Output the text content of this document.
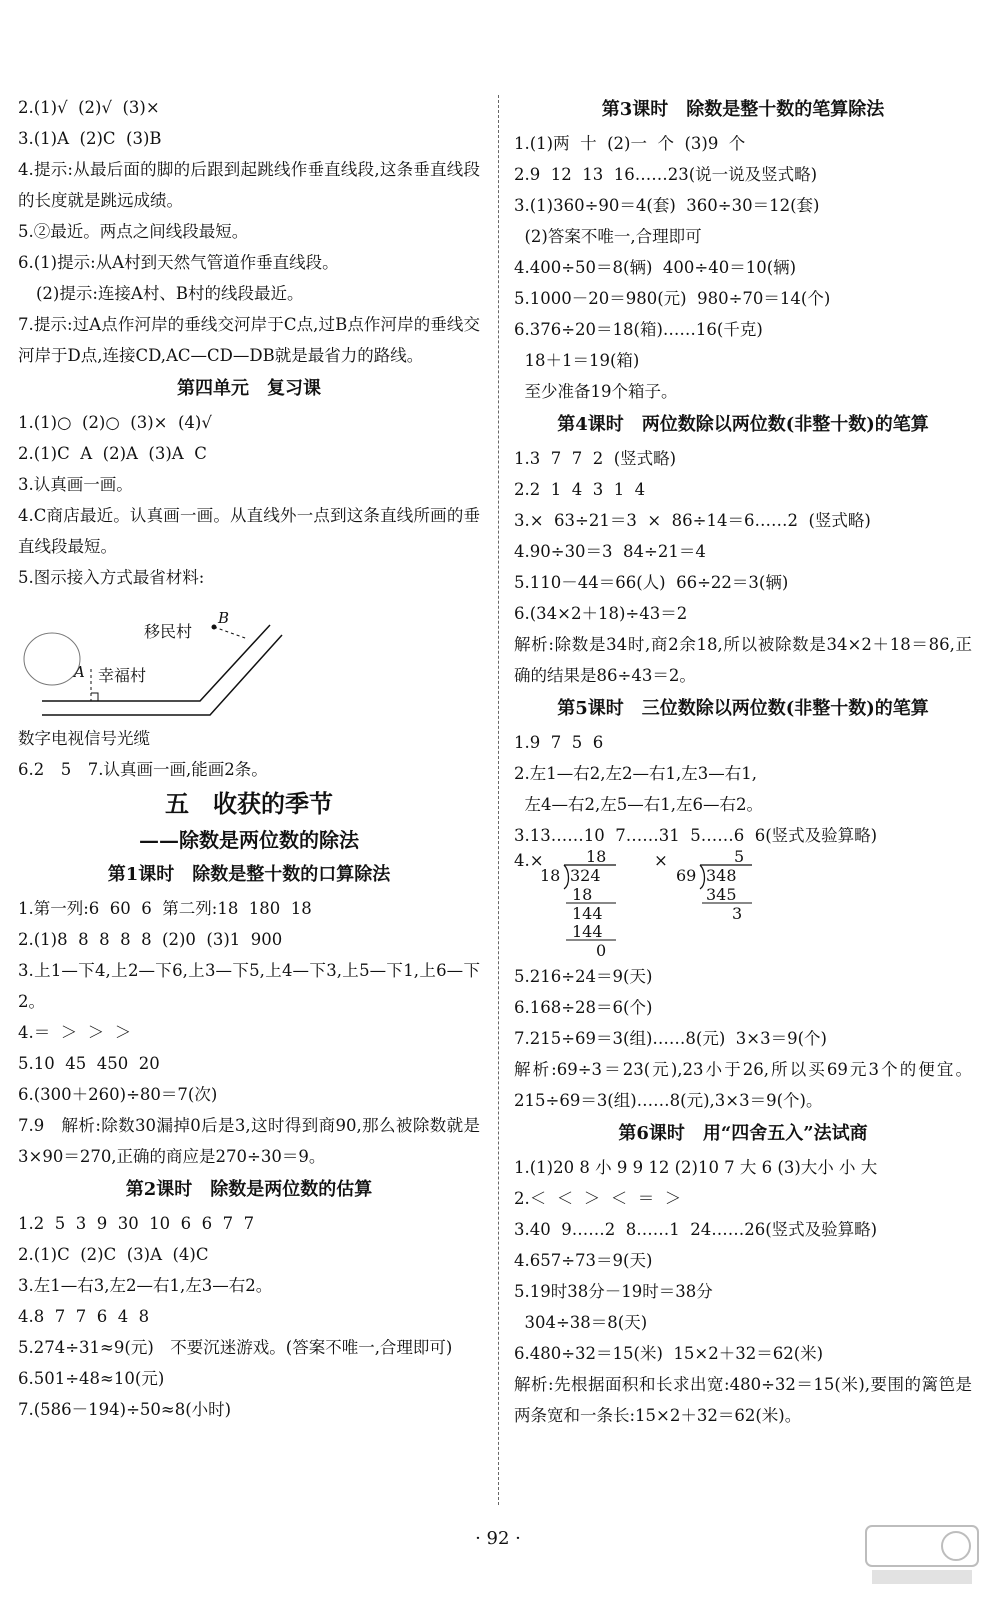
2.(1)√  (2)√  (3)×
3.(1)A  (2)C  (3)B
4.提示:从最后面的脚的后跟到起跳线作垂直线段,这条垂直线段的长度就是跳远成绩。
5.②最近。两点之间线段最短。
6.(1)提示:从A村到天然气管道作垂直线段。
(2)提示:连接A村、B村的线段最近。
7.提示:过A点作河岸的垂线交河岸于C点,过B点作河岸的垂线交河岸于D点,连接CD,AC—CD—DB就是最省力的路线。
第四单元　复习课
1.(1)○  (2)○  (3)×  (4)√
2.(1)C  A  (2)A  (3)A  C
3.认真画一画。
4.C商店最近。认真画一画。从直线外一点到这条直线所画的垂直线段最短。
5.图示接入方式最省材料:
移民村
B
A 幸福村
数字电视信号光缆
6.2　5　7.认真画一画,能画2条。
五　收获的季节
——除数是两位数的除法
第1课时　除数是整十数的口算除法
1.第一列:6  60  6  第二列:18  180  18
2.(1)8  8  8  8  8  (2)0  (3)1  900
3.上1—下4,上2—下6,上3—下5,上4—下3,上5—下1,上6—下2。
4.＝  ＞  ＞  ＞
5.10  45  450  20
6.(300＋260)÷80＝7(次)
7.9　解析:除数30漏掉0后是3,这时得到商90,那么被除数就是3×90＝270,正确的商应是270÷30＝9。
第2课时　除数是两位数的估算
1.2  5  3  9  30  10  6  6  7  7
2.(1)C  (2)C  (3)A  (4)C
3.左1—右3,左2—右1,左3—右2。
4.8  7  7  6  4  8
5.274÷31≈9(元)　不要沉迷游戏。(答案不唯一,合理即可)
6.501÷48≈10(元)
7.(586－194)÷50≈8(小时)
第3课时　除数是整十数的笔算除法
1.(1)两  十  (2)一  个  (3)9  个
2.9  12  13  16……23(说一说及竖式略)
3.(1)360÷90＝4(套)  360÷30＝12(套)
(2)答案不唯一,合理即可
4.400÷50＝8(辆)  400÷40＝10(辆)
5.1000－20＝980(元)  980÷70＝14(个)
6.376÷20＝18(箱)……16(千克)
18＋1＝19(箱)
至少准备19个箱子。
第4课时　两位数除以两位数(非整十数)的笔算
1.3  7  7  2  (竖式略)
2.2  1  4  3  1  4
3.×  63÷21＝3  ×  86÷14＝6……2  (竖式略)
4.90÷30＝3  84÷21＝4
5.110－44＝66(人)  66÷22＝3(辆)
6.(34×2＋18)÷43＝2
解析:除数是34时,商2余18,所以被除数是34×2＋18＝86,正确的结果是86÷43＝2。
第5课时　三位数除以两位数(非整十数)的笔算
1.9  7  5  6
2.左1—右2,左2—右1,左3—右1,
左4—右2,左5—右1,左6—右2。
3.13……10  7……31  5……6  6(竖式及验算略)
4.×	18
18 324
18
144
144
0
×	5
69 348
345
3
5.216÷24＝9(天)
6.168÷28＝6(个)
7.215÷69＝3(组)……8(元)  3×3＝9(个)
解析:69÷3＝23(元),23小于26,所以买69元3个的便宜。215÷69＝3(组)……8(元),3×3＝9(个)。
第6课时　用“四舍五入”法试商
1.(1)20 8 小 9 9 12 (2)10 7 大 6 (3)大小 小 大
2.＜  ＜  ＞  ＜  ＝  ＞
3.40  9……2  8……1  24……26(竖式及验算略)
4.657÷73＝9(天)
5.19时38分－19时＝38分
304÷38＝8(天)
6.480÷32＝15(米)  15×2＋32＝62(米)
解析:先根据面积和长求出宽:480÷32＝15(米),要围的篱笆是两条宽和一条长:15×2＋32＝62(米)。
· 92 ·
